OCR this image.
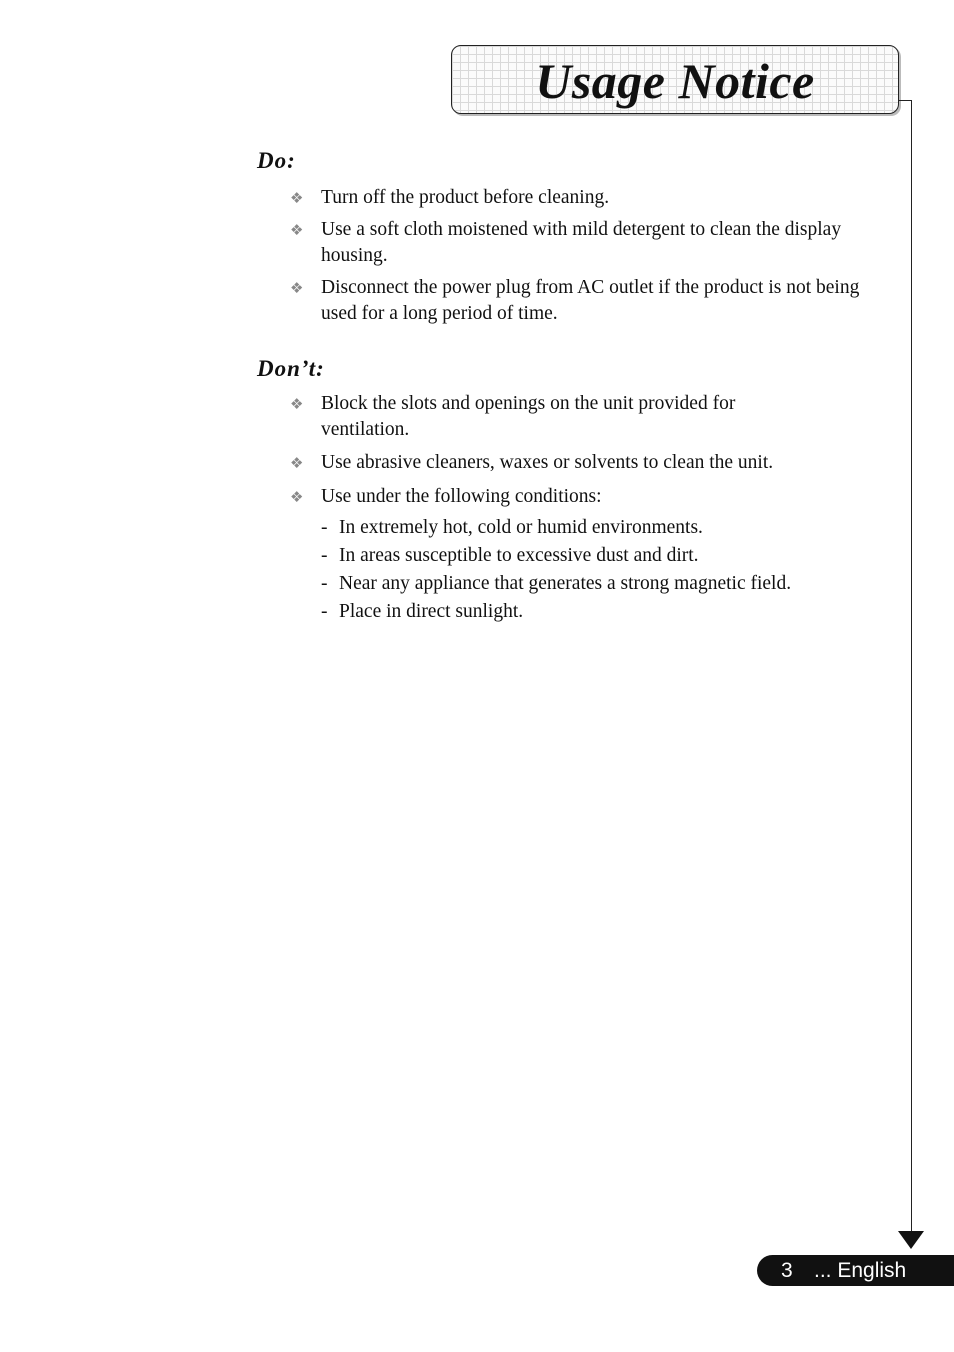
Usage Notice
Do:
❖ Turn off the product before cleaning.
❖ Use a soft cloth moistened with mild detergent to clean the display housing.
❖ Disconnect the power plug from AC outlet if the product is not being used for a long period of time.
Don’t:
❖ Block the slots and openings on the unit provided for ventilation.
❖ Use abrasive cleaners, waxes or solvents to clean the unit.
❖ Use under the following conditions:
- In extremely hot, cold or humid environments.
- In areas susceptible to excessive dust and dirt.
- Near any appliance that generates a strong magnetic field.
- Place in direct sunlight.
3 ... English
